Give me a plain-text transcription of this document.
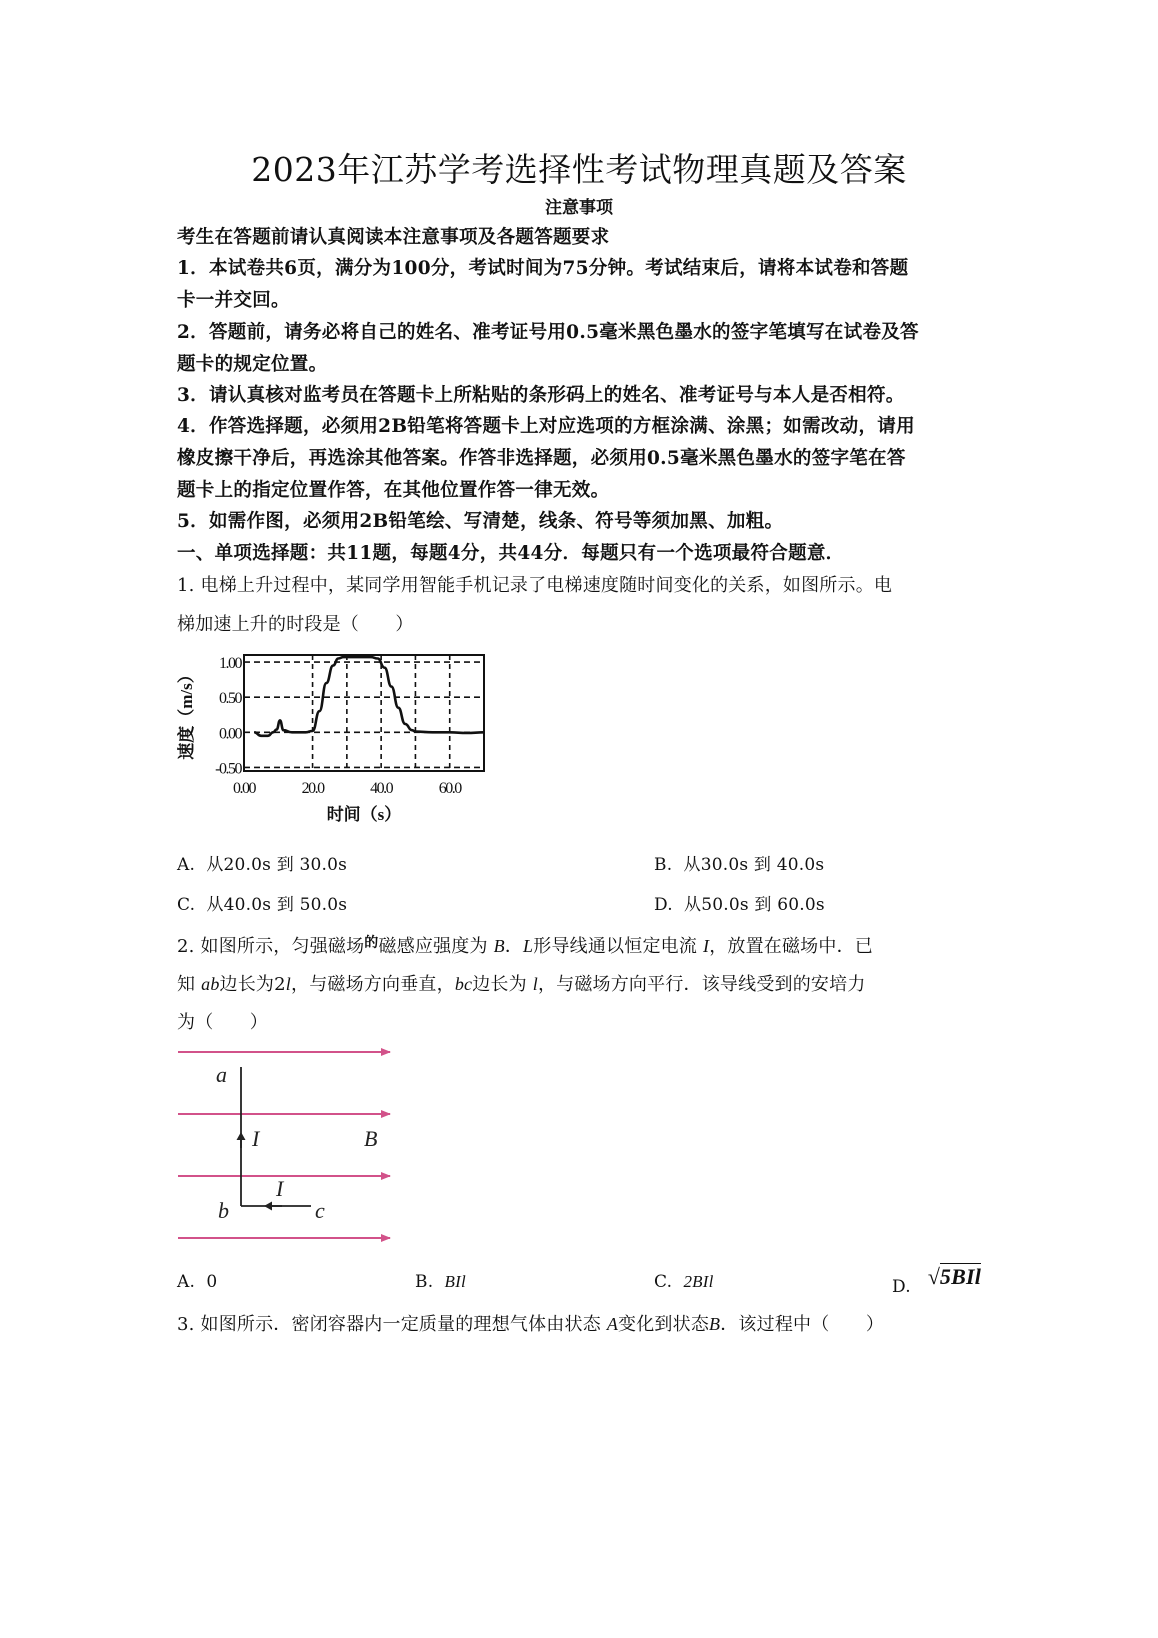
2023年江苏学考选择性考试物理真题及答案
注意事项
考生在答题前请认真阅读本注意事项及各题答题要求
1．本试卷共6页，满分为100分，考试时间为75分钟。考试结束后，请将本试卷和答题
卡一并交回。
2．答题前，请务必将自己的姓名、准考证号用0.5毫米黑色墨水的签字笔填写在试卷及答
题卡的规定位置。
3．请认真核对监考员在答题卡上所粘贴的条形码上的姓名、准考证号与本人是否相符。
4．作答选择题，必须用2B铅笔将答题卡上对应选项的方框涂满、涂黑；如需改动，请用
橡皮擦干净后，再选涂其他答案。作答非选择题，必须用0.5毫米黑色墨水的签字笔在答
题卡上的指定位置作答，在其他位置作答一律无效。
5．如需作图，必须用2B铅笔绘、写清楚，线条、符号等须加黑、加粗。
一、单项选择题：共11题，每题4分，共44分．每题只有一个选项最符合题意．
1. 电梯上升过程中，某同学用智能手机记录了电梯速度随时间变化的关系，如图所示。电
梯加速上升的时段是（　　）
1.00
0.50
0.00
-0.50
0.00	20.0	40.0	60.0
速度（m/s）
时间（s）
A. 从20.0s 到 30.0s	B. 从30.0s 到 40.0s
C. 从40.0s 到 50.0s	D. 从50.0s 到 60.0s
2. 如图所示，匀强磁场$^的$磁感应强度为 B．L形导线通以恒定电流 I，放置在磁场中．已
知 ab边长为2l，与磁场方向垂直，bc边长为 l，与磁场方向平行．该导线受到的安培力
为（　　）
a
I	B
I
b	c
A. 0	B. BIl	C. 2BIl	D. √5BIl
3. 如图所示．密闭容器内一定质量的理想气体由状态 A变化到状态B．该过程中（　　）
